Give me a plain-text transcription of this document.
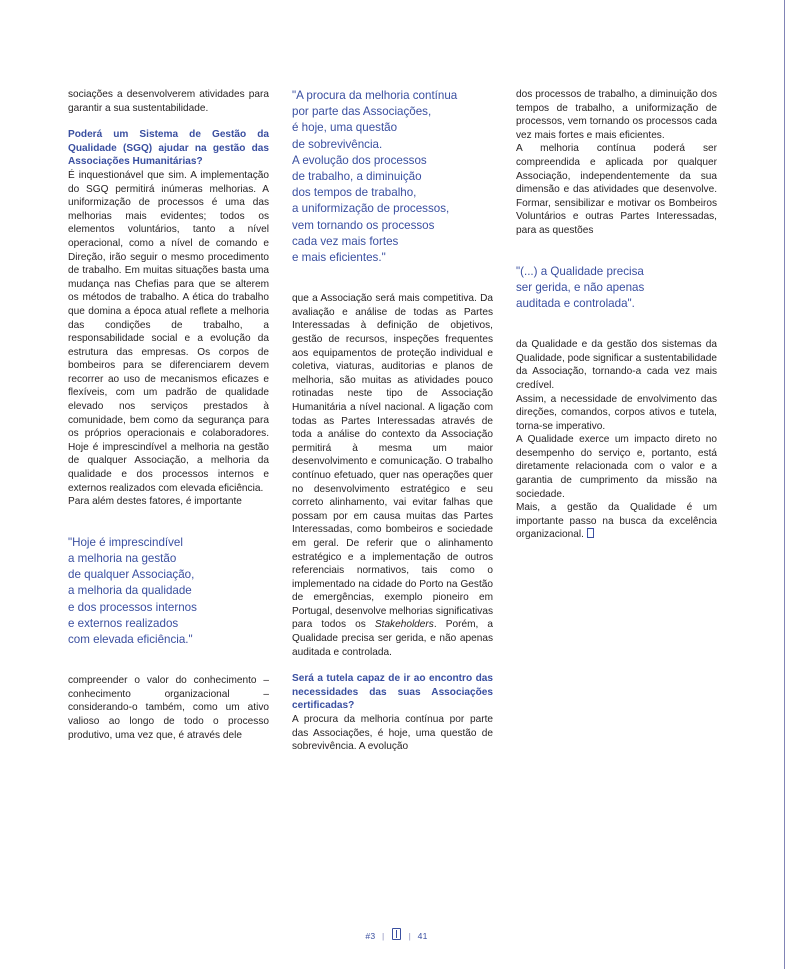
sociações a desenvolverem atividades para garantir a sua sustentabilidade.

Poderá um Sistema de Gestão da Qualidade (SGQ) ajudar na gestão das Associações Humanitárias?

É inquestionável que sim. A implementação do SGQ permitirá inúmeras melhorias. A uniformização de processos é uma das melhorias mais evidentes; todos os elementos voluntários, tanto a nível operacional, como a nível de comando e Direção, irão seguir o mesmo procedimento de trabalho. Em muitas situações basta uma mudança nas Chefias para que se alterem os métodos de trabalho. A ética do trabalho que domina a época atual reflete a melhoria das condições de trabalho, a responsabilidade social e a evolução da estrutura das empresas. Os corpos de bombeiros para se diferenciarem devem recorrer ao uso de mecanismos eficazes e flexíveis, com um padrão de qualidade elevado nos serviços prestados à comunidade, bem como da segurança para os próprios operacionais e colaboradores. Hoje é imprescindível a melhoria na gestão de qualquer Associação, a melhoria da qualidade e dos processos internos e externos realizados com elevada eficiência.

Para além destes fatores, é importante

"Hoje é imprescindível
a melhoria na gestão
de qualquer Associação,
a melhoria da qualidade
e dos processos internos
e externos realizados
com elevada eficiência."

compreender o valor do conhecimento – conhecimento organizacional – considerando-o também, como um ativo valioso ao longo de todo o processo produtivo, uma vez que, é através dele

"A procura da melhoria contínua
por parte das Associações,
é hoje, uma questão
de sobrevivência.
A evolução dos processos
de trabalho, a diminuição
dos tempos de trabalho,
a uniformização de processos,
vem tornando os processos
cada vez mais fortes
e mais eficientes."

que a Associação será mais competitiva. Da avaliação e análise de todas as Partes Interessadas à definição de objetivos, gestão de recursos, inspeções frequentes aos equipamentos de proteção individual e coletiva, viaturas, auditorias e planos de melhoria, são muitas as atividades pouco rotinadas neste tipo de Associação Humanitária a nível nacional. A ligação com todas as Partes Interessadas através de toda a análise do contexto da Associação permitirá à mesma um maior desenvolvimento e comunicação. O trabalho contínuo efetuado, quer nas operações quer no desenvolvimento estratégico e seu correto alinhamento, vai evitar falhas que possam por em causa muitas das Partes Interessadas, como bombeiros e sociedade em geral. De referir que o alinhamento estratégico e a implementação de outros referenciais normativos, tais como o implementado na cidade do Porto na Gestão de emergências, exemplo pioneiro em Portugal, desenvolve melhorias significativas para todos os Stakeholders. Porém, a Qualidade precisa ser gerida, e não apenas auditada e controlada.

Será a tutela capaz de ir ao encontro das necessidades das suas Associações certificadas?

A procura da melhoria contínua por parte das Associações, é hoje, uma questão de sobrevivência. A evolução

dos processos de trabalho, a diminuição dos tempos de trabalho, a uniformização de processos, vem tornando os processos cada vez mais fortes e mais eficientes.

A melhoria contínua poderá ser compreendida e aplicada por qualquer Associação, independentemente da sua dimensão e das atividades que desenvolve. Formar, sensibilizar e motivar os Bombeiros Voluntários e outras Partes Interessadas, para as questões

"(...) a Qualidade precisa
ser gerida, e não apenas
auditada e controlada".

da Qualidade e da gestão dos sistemas da Qualidade, pode significar a sustentabilidade da Associação, tornando-a cada vez mais credível.

Assim, a necessidade de envolvimento das direções, comandos, corpos ativos e tutela, torna-se imperativo.

A Qualidade exerce um impacto direto no desempenho do serviço e, portanto, está diretamente relacionada com o valor e a garantia de cumprimento da missão na sociedade.

Mais, a gestão da Qualidade é um importante passo na busca da excelência organizacional.

#3 |	| 41
